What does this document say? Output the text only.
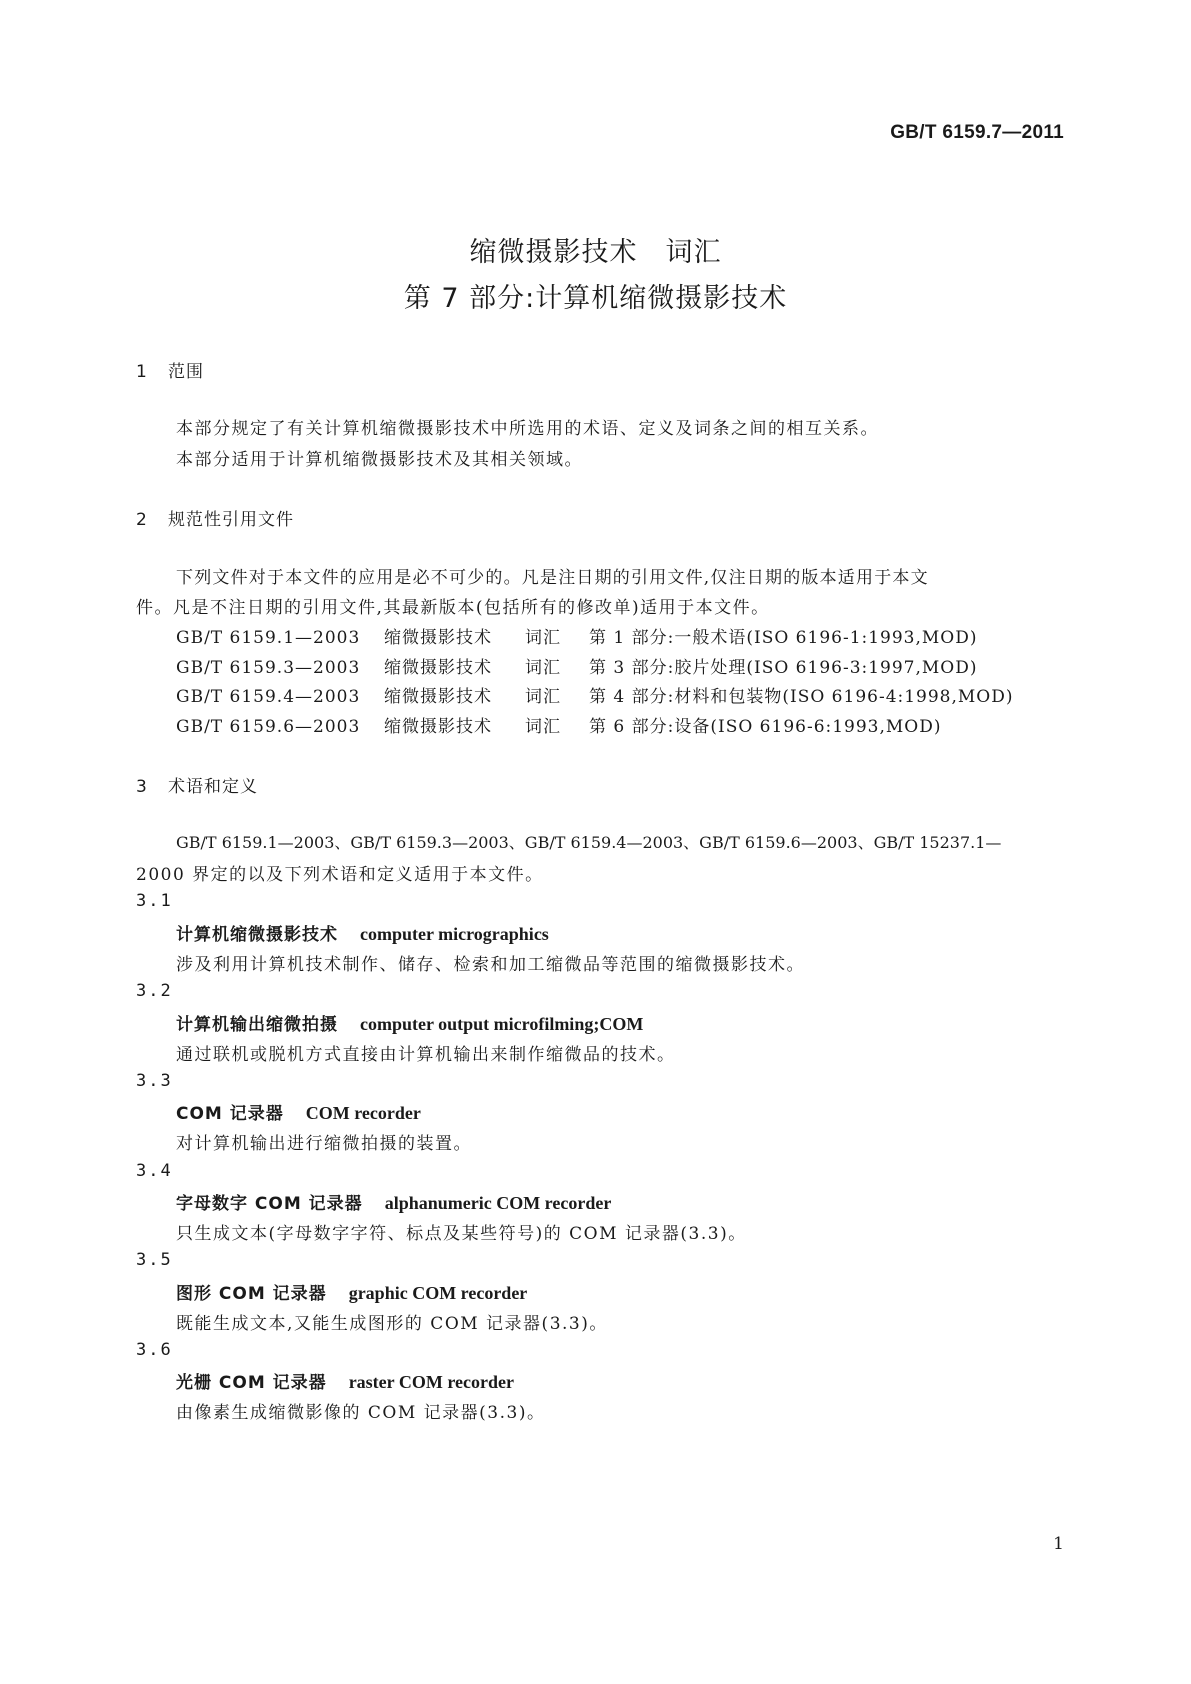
GB/T 6159.7—2011
缩微摄影技术　词汇
第 7 部分:计算机缩微摄影技术
1 范围
本部分规定了有关计算机缩微摄影技术中所选用的术语、定义及词条之间的相互关系。
本部分适用于计算机缩微摄影技术及其相关领域。
2 规范性引用文件
下列文件对于本文件的应用是必不可少的。凡是注日期的引用文件,仅注日期的版本适用于本文
件。凡是不注日期的引用文件,其最新版本(包括所有的修改单)适用于本文件。
GB/T 6159.1—2003 缩微摄影技术 词汇 第 1 部分:一般术语(ISO 6196-1:1993,MOD)
GB/T 6159.3—2003 缩微摄影技术 词汇 第 3 部分:胶片处理(ISO 6196-3:1997,MOD)
GB/T 6159.4—2003 缩微摄影技术 词汇 第 4 部分:材料和包装物(ISO 6196-4:1998,MOD)
GB/T 6159.6—2003 缩微摄影技术 词汇 第 6 部分:设备(ISO 6196-6:1993,MOD)
3 术语和定义
GB/T 6159.1—2003、GB/T 6159.3—2003、GB/T 6159.4—2003、GB/T 6159.6—2003、GB/T 15237.1—
2000 界定的以及下列术语和定义适用于本文件。
3.1
计算机缩微摄影技术 computer micrographics
涉及利用计算机技术制作、储存、检索和加工缩微品等范围的缩微摄影技术。
3.2
计算机输出缩微拍摄 computer output microfilming;COM
通过联机或脱机方式直接由计算机输出来制作缩微品的技术。
3.3
COM 记录器 COM recorder
对计算机输出进行缩微拍摄的装置。
3.4
字母数字 COM 记录器 alphanumeric COM recorder
只生成文本(字母数字字符、标点及某些符号)的 COM 记录器(3.3)。
3.5
图形 COM 记录器 graphic COM recorder
既能生成文本,又能生成图形的 COM 记录器(3.3)。
3.6
光栅 COM 记录器 raster COM recorder
由像素生成缩微影像的 COM 记录器(3.3)。
1
